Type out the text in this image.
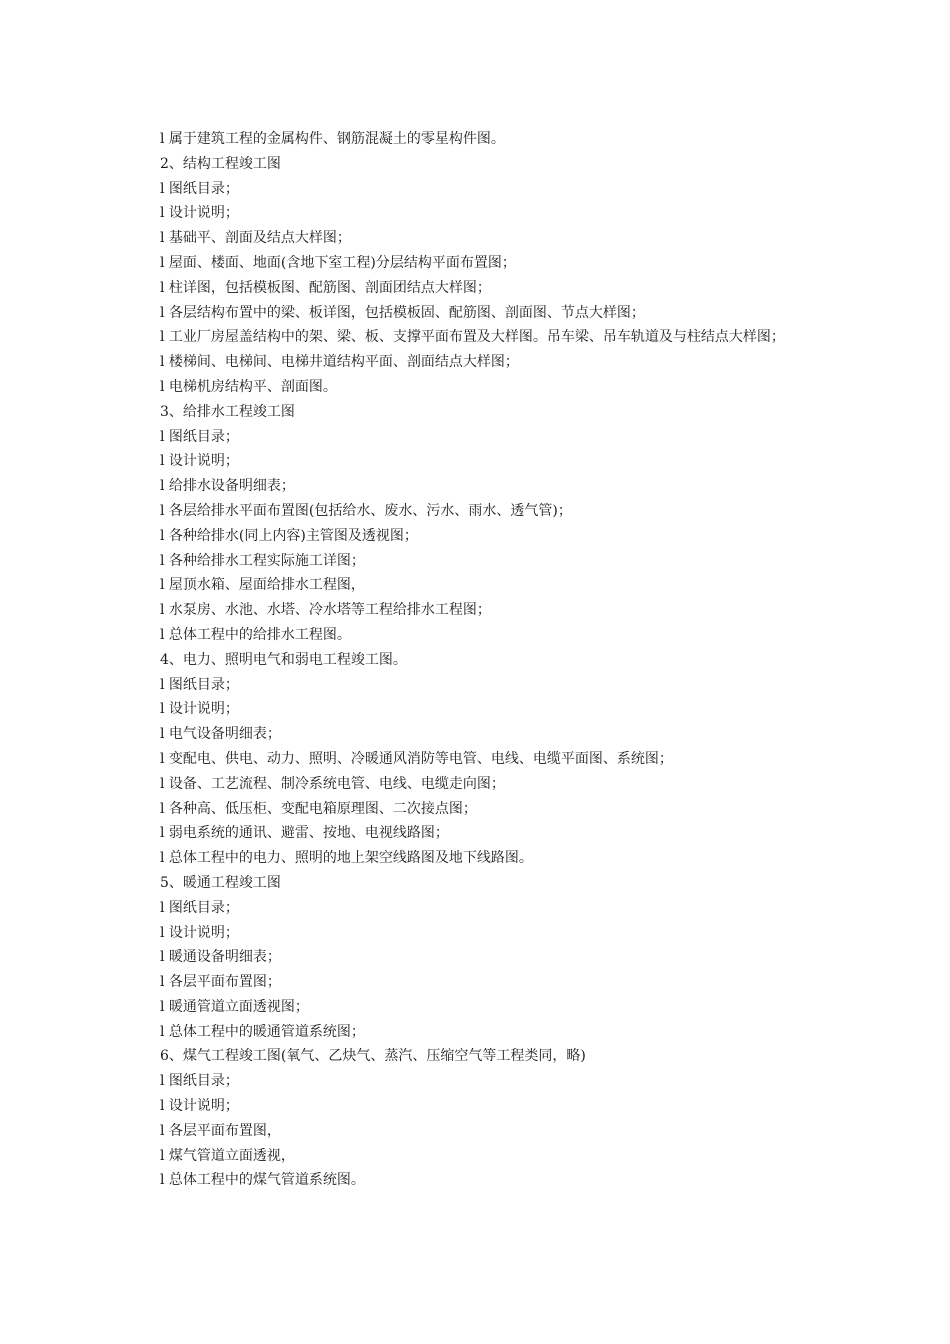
l 属于建筑工程的金属构件、钢筋混凝土的零星构件图。
2、结构工程竣工图
l 图纸目录；
l 设计说明；
l 基础平、剖面及结点大样图；
l 屋面、楼面、地面(含地下室工程)分层结构平面布置图；
l 柱详图，包括模板图、配筋图、剖面团结点大样图；
l 各层结构布置中的梁、板详图，包括模板固、配筋图、剖面图、节点大样图；
l 工业厂房屋盖结构中的架、梁、板、支撑平面布置及大样图。吊车梁、吊车轨道及与柱结点大样图；
l 楼梯间、电梯间、电梯井道结构平面、剖面结点大样图；
l 电梯机房结构平、剖面图。
3、给排水工程竣工图
l 图纸目录；
l 设计说明；
l 给排水设备明细表；
l 各层给排水平面布置图(包括给水、废水、污水、雨水、透气管)；
l 各种给排水(同上内容)主管图及透视图；
l 各种给排水工程实际施工详图；
l 屋顶水箱、屋面给排水工程图，
l 水泵房、水池、水塔、冷水塔等工程给排水工程图；
l 总体工程中的给排水工程图。
4、电力、照明电气和弱电工程竣工图。
l 图纸目录；
l 设计说明；
l 电气设备明细表；
l 变配电、供电、动力、照明、冷暖通风消防等电管、电线、电缆平面图、系统图；
l 设备、工艺流程、制冷系统电管、电线、电缆走向图；
l 各种高、低压柜、变配电箱原理图、二次接点图；
l 弱电系统的通讯、避雷、按地、电视线路图；
l 总体工程中的电力、照明的地上架空线路图及地下线路图。
5、暖通工程竣工图
l 图纸目录；
l 设计说明；
l 暖通设备明细表；
l 各层平面布置图；
l 暖通管道立面透视图；
l 总体工程中的暖通管道系统图；
6、煤气工程竣工图(氧气、乙炔气、蒸汽、压缩空气等工程类同，略)
l 图纸目录；
l 设计说明；
l 各层平面布置图，
l 煤气管道立面透视，
l 总体工程中的煤气管道系统图。
